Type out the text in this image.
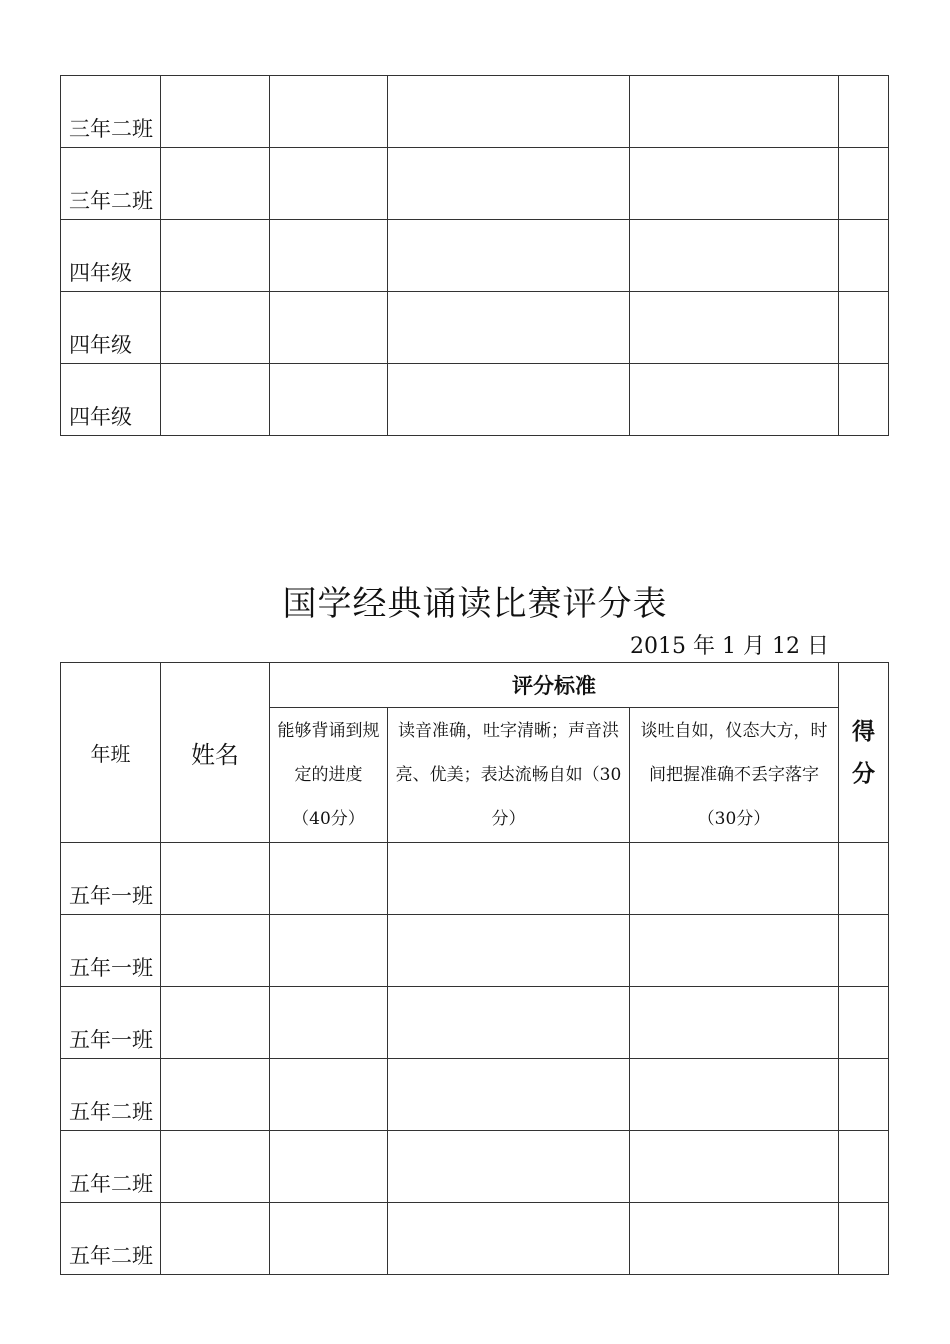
三年二班					
三年二班					
四年级					
四年级					
四年级					
国学经典诵读比赛评分表
2015 年 1 月 12 日
年班	姓名	评分标准			得
分

		能够背诵到规定的进度（40分）	读音准确，吐字清晰；声音洪亮、优美；表达流畅自如（30分）	谈吐自如，仪态大方，时间把握准确不丢字落字（30分）	
五年一班					
五年一班					
五年一班					
五年二班					
五年二班					
五年二班					
